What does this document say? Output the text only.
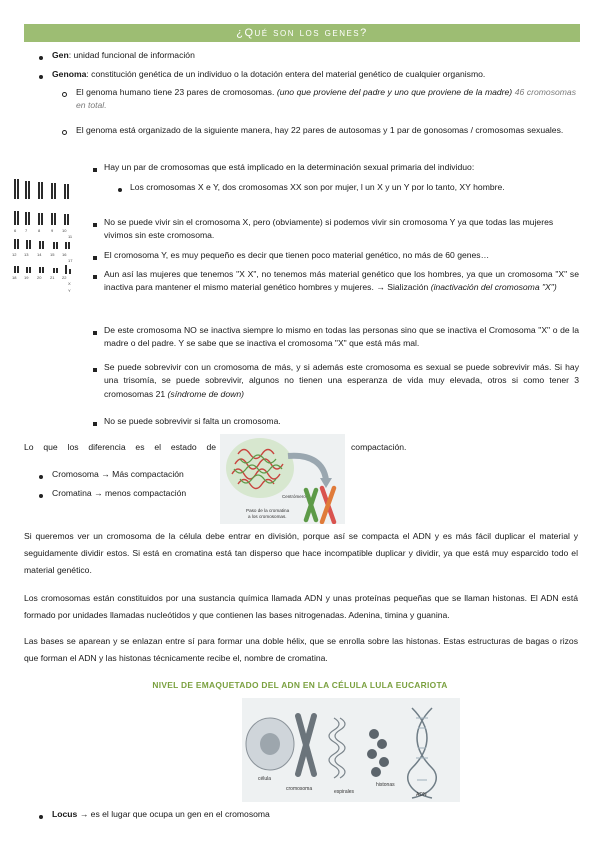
¿Qué son los genes?
Gen: unidad funcional de información
Genoma: constitución genética de un individuo o la dotación entera del material genético de cualquier organismo.
El genoma humano tiene 23 pares de cromosomas. (uno que proviene del padre y uno que proviene de la madre) 46 cromosomas en total.
El genoma está organizado de la siguiente manera, hay 22 pares de autosomas y 1 par de gonosomas / cromosomas sexuales.
Hay un par de cromosomas que está implicado en la determinación sexual primaria del individuo:
Los cromosomas X e Y, dos cromosomas XX son por mujer, l un X y un Y por lo tanto, XY hombre.
6 7	8	9 10
11
12 13 14 15 16
17
18 19 20 21 22
X
Y
No se puede vivir sin el cromosoma X, pero (obviamente) si podemos vivir sin cromosoma Y ya que todas las mujeres vivimos sin este cromosoma.
El cromosoma Y, es muy pequeño es decir que tienen poco material genético, no más de 60 genes…
Aun así las mujeres que tenemos "X X", no tenemos más material genético que los hombres, ya que un cromosoma "X" se inactiva para mantener el mismo material genético hombres y mujeres. → Sialización (inactivación del cromosoma "X")
De este cromosoma NO se inactiva siempre lo mismo en todas las personas sino que se inactiva el Cromosoma "X" o de la madre o del padre. Y se sabe que se inactiva el cromosoma "X" que está más mal.
Se puede sobrevivir con un cromosoma de más, y si además este cromosoma es sexual se puede sobrevivir más. Si hay una trisomía, se puede sobrevivir, algunos no tienen una esperanza de vida muy elevada, otros si como tener 3 cromosomas 21 (síndrome de down)
No se puede sobrevivir si falta un cromosoma.
Lo que los diferencia es el estado de	compactación.
Centrómero
Paso de la cromatina
a los cromosomas.
Cromosoma → Más compactación
Cromatina → menos compactación
Si queremos ver un cromosoma de la célula debe entrar en división, porque así se compacta el ADN y es más fácil duplicar el material y seguidamente dividir estos. Si está en cromatina está tan disperso que hace incompatible duplicar y dividir, ya que está muy esparcido todo el material genético.
Los cromosomas están constituidos por una sustancia química llamada ADN y unas proteínas pequeñas que se llaman histonas. El ADN está formado por unidades llamadas nucleótidos y que contienen las bases nitrogenadas. Adenina, timina y guanina.
Las bases se aparean y se enlazan entre sí para formar una doble hélix, que se enrolla sobre las histonas. Estas estructuras de bagas o rizos que forman el ADN y las histonas técnicamente recibe el, nombre de cromatina.
NIVEL DE EMAQUETADO DEL ADN EN LA CÉLULA LULA EUCARIOTA
célula
cromosoma	espirales
histonas
ADN
Locus → es el lugar que ocupa un gen en el cromosoma
